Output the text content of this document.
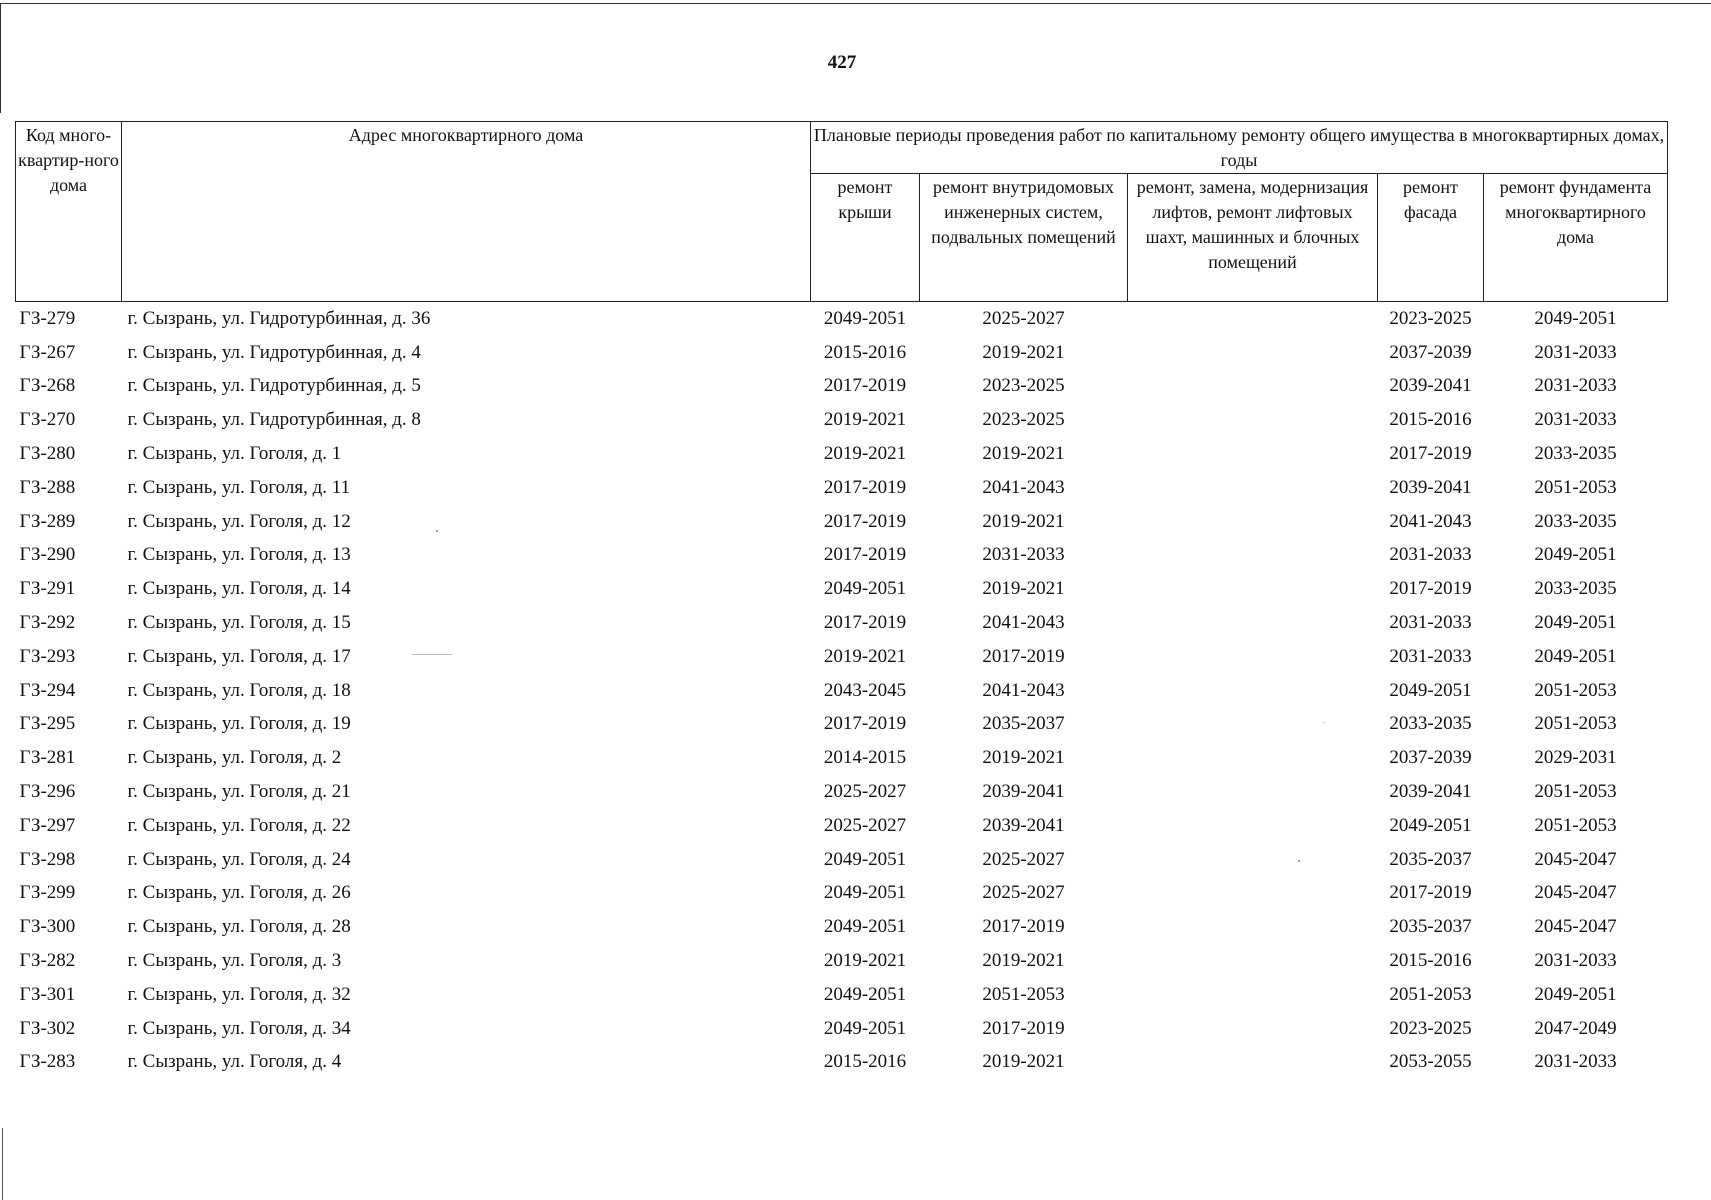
427
Код много-квартир-ного дома	Адрес многоквартирного дома	Плановые периоды проведения работ по капитальному ремонту общего имущества в многоквартирных домах, годы				
		ремонт крыши	ремонт внутридомовых инженерных систем, подвальных помещений	ремонт, замена, модернизация лифтов, ремонт лифтовых шахт, машинных и блочных помещений	ремонт фасада	ремонт фундамента многоквартирного дома
ГЗ-279	г. Сызрань, ул. Гидротурбинная, д. 36	2049-2051	2025-2027		2023-2025	2049-2051
ГЗ-267	г. Сызрань, ул. Гидротурбинная, д. 4	2015-2016	2019-2021		2037-2039	2031-2033
ГЗ-268	г. Сызрань, ул. Гидротурбинная, д. 5	2017-2019	2023-2025		2039-2041	2031-2033
ГЗ-270	г. Сызрань, ул. Гидротурбинная, д. 8	2019-2021	2023-2025		2015-2016	2031-2033
ГЗ-280	г. Сызрань, ул. Гоголя, д. 1	2019-2021	2019-2021		2017-2019	2033-2035
ГЗ-288	г. Сызрань, ул. Гоголя, д. 11	2017-2019	2041-2043		2039-2041	2051-2053
ГЗ-289	г. Сызрань, ул. Гоголя, д. 12	2017-2019	2019-2021		2041-2043	2033-2035
ГЗ-290	г. Сызрань, ул. Гоголя, д. 13	2017-2019	2031-2033		2031-2033	2049-2051
ГЗ-291	г. Сызрань, ул. Гоголя, д. 14	2049-2051	2019-2021		2017-2019	2033-2035
ГЗ-292	г. Сызрань, ул. Гоголя, д. 15	2017-2019	2041-2043		2031-2033	2049-2051
ГЗ-293	г. Сызрань, ул. Гоголя, д. 17	2019-2021	2017-2019		2031-2033	2049-2051
ГЗ-294	г. Сызрань, ул. Гоголя, д. 18	2043-2045	2041-2043		2049-2051	2051-2053
ГЗ-295	г. Сызрань, ул. Гоголя, д. 19	2017-2019	2035-2037		2033-2035	2051-2053
ГЗ-281	г. Сызрань, ул. Гоголя, д. 2	2014-2015	2019-2021		2037-2039	2029-2031
ГЗ-296	г. Сызрань, ул. Гоголя, д. 21	2025-2027	2039-2041		2039-2041	2051-2053
ГЗ-297	г. Сызрань, ул. Гоголя, д. 22	2025-2027	2039-2041		2049-2051	2051-2053
ГЗ-298	г. Сызрань, ул. Гоголя, д. 24	2049-2051	2025-2027		2035-2037	2045-2047
ГЗ-299	г. Сызрань, ул. Гоголя, д. 26	2049-2051	2025-2027		2017-2019	2045-2047
ГЗ-300	г. Сызрань, ул. Гоголя, д. 28	2049-2051	2017-2019		2035-2037	2045-2047
ГЗ-282	г. Сызрань, ул. Гоголя, д. 3	2019-2021	2019-2021		2015-2016	2031-2033
ГЗ-301	г. Сызрань, ул. Гоголя, д. 32	2049-2051	2051-2053		2051-2053	2049-2051
ГЗ-302	г. Сызрань, ул. Гоголя, д. 34	2049-2051	2017-2019		2023-2025	2047-2049
ГЗ-283	г. Сызрань, ул. Гоголя, д. 4	2015-2016	2019-2021		2053-2055	2031-2033
